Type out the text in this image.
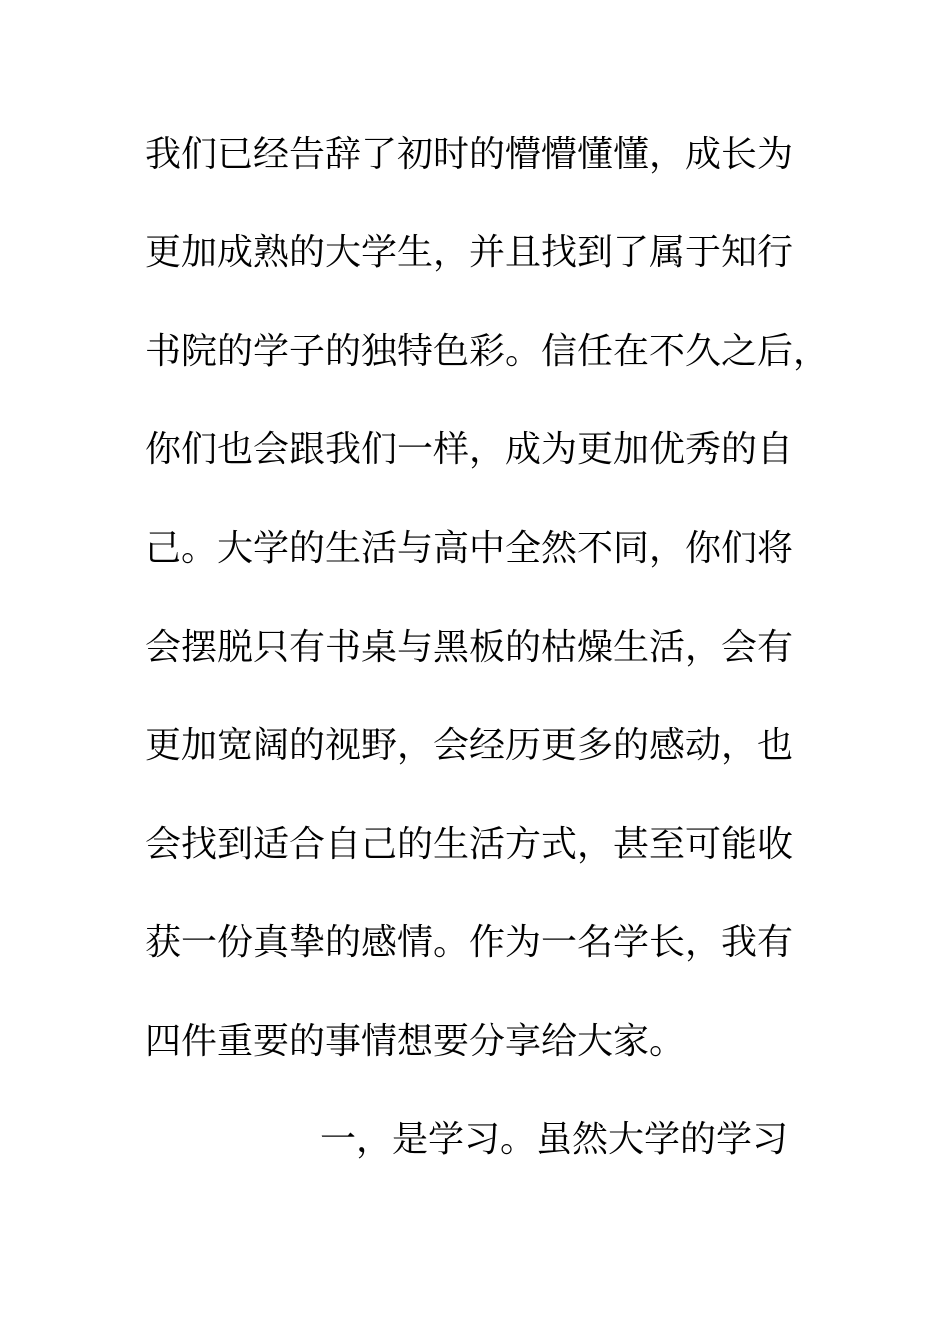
我们已经告辞了初时的懵懵懂懂，成长为
更加成熟的大学生，并且找到了属于知行
书院的学子的独特色彩。信任在不久之后，
你们也会跟我们一样，成为更加优秀的自
己。大学的生活与高中全然不同，你们将
会摆脱只有书桌与黑板的枯燥生活，会有
更加宽阔的视野，会经历更多的感动，也
会找到适合自己的生活方式，甚至可能收
获一份真挚的感情。作为一名学长，我有
四件重要的事情想要分享给大家。
一，是学习。虽然大学的学习
